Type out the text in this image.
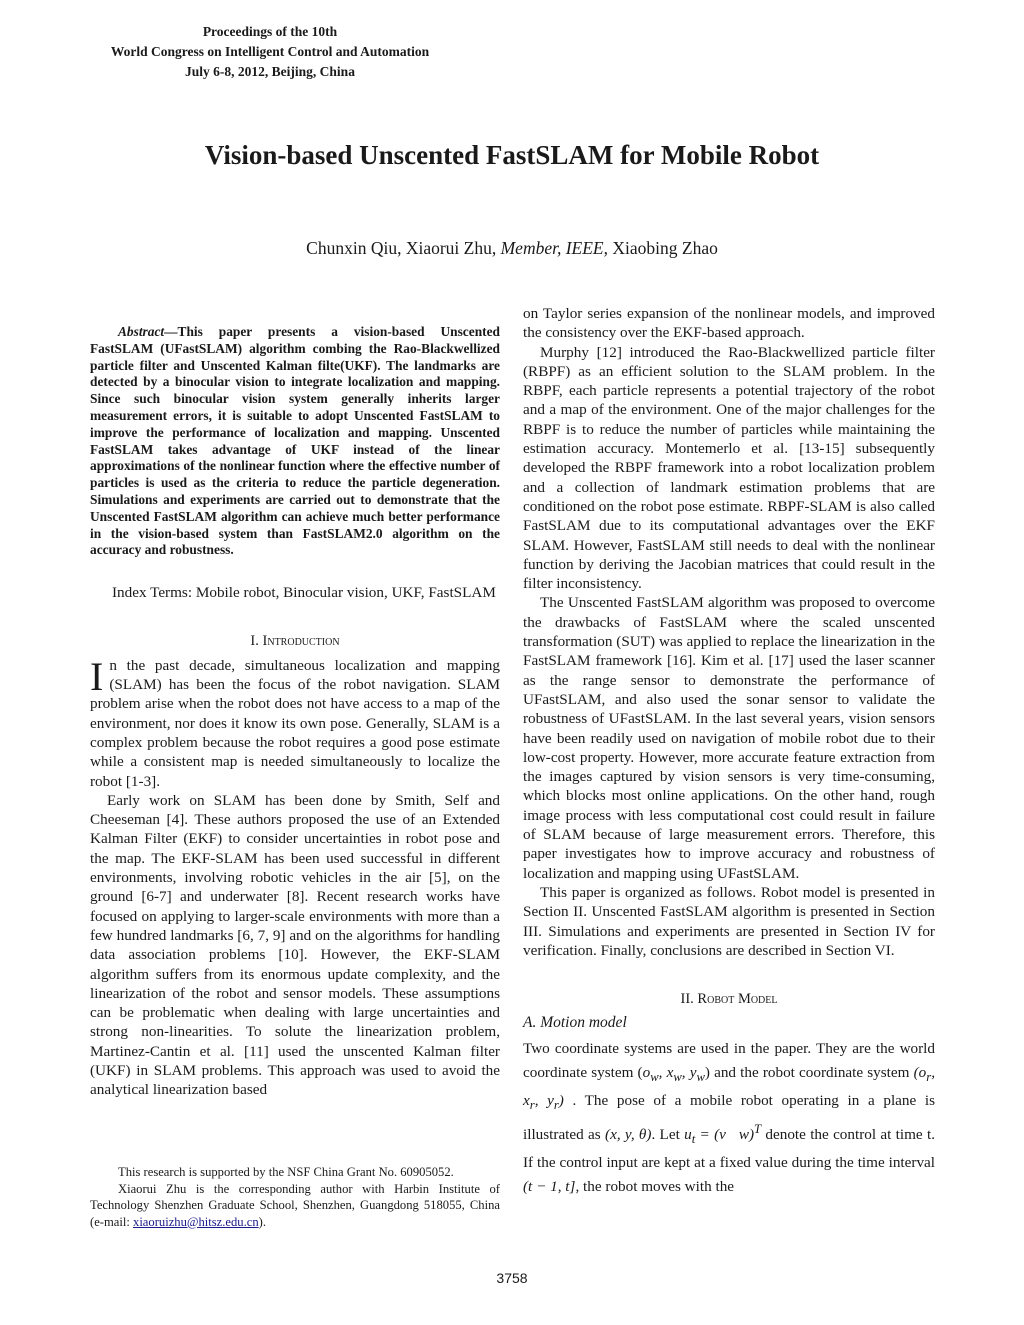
Proceedings of the 10th
World Congress on Intelligent Control and Automation
July 6-8, 2012, Beijing, China
Vision-based Unscented FastSLAM for Mobile Robot
Chunxin Qiu, Xiaorui Zhu, Member, IEEE, Xiaobing Zhao

Abstract—This paper presents a vision-based Unscented FastSLAM (UFastSLAM) algorithm combing the Rao-Blackwellized particle filter and Unscented Kalman filte(UKF). The landmarks are detected by a binocular vision to integrate localization and mapping. Since such binocular vision system generally inherits larger measurement errors, it is suitable to adopt Unscented FastSLAM to improve the performance of localization and mapping. Unscented FastSLAM takes advantage of UKF instead of the linear approximations of the nonlinear function where the effective number of particles is used as the criteria to reduce the particle degeneration. Simulations and experiments are carried out to demonstrate that the Unscented FastSLAM algorithm can achieve much better performance in the vision-based system than FastSLAM2.0 algorithm on the accuracy and robustness.

Index Terms: Mobile robot, Binocular vision, UKF, FastSLAM

I. Introduction

In the past decade, simultaneous localization and mapping (SLAM) has been the focus of the robot navigation. SLAM problem arise when the robot does not have access to a map of the environment, nor does it know its own pose. Generally, SLAM is a complex problem because the robot requires a good pose estimate while a consistent map is needed simultaneously to localize the robot [1-3].

Early work on SLAM has been done by Smith, Self and Cheeseman [4]. These authors proposed the use of an Extended Kalman Filter (EKF) to consider uncertainties in robot pose and the map. The EKF-SLAM has been used successful in different environments, involving robotic vehicles in the air [5], on the ground [6-7] and underwater [8]. Recent research works have focused on applying to larger-scale environments with more than a few hundred landmarks [6, 7, 9] and on the algorithms for handling data association problems [10]. However, the EKF-SLAM algorithm suffers from its enormous update complexity, and the linearization of the robot and sensor models. These assumptions can be problematic when dealing with large uncertainties and strong non-linearities. To solute the linearization problem, Martinez-Cantin et al. [11] used the unscented Kalman filter (UKF) in SLAM problems. This approach was used to avoid the analytical linearization based

on Taylor series expansion of the nonlinear models, and improved the consistency over the EKF-based approach.

Murphy [12] introduced the Rao-Blackwellized particle filter (RBPF) as an efficient solution to the SLAM problem. In the RBPF, each particle represents a potential trajectory of the robot and a map of the environment. One of the major challenges for the RBPF is to reduce the number of particles while maintaining the estimation accuracy. Montemerlo et al. [13-15] subsequently developed the RBPF framework into a robot localization problem and a collection of landmark estimation problems that are conditioned on the robot pose estimate. RBPF-SLAM is also called FastSLAM due to its computational advantages over the EKF SLAM. However, FastSLAM still needs to deal with the nonlinear function by deriving the Jacobian matrices that could result in the filter inconsistency.

The Unscented FastSLAM algorithm was proposed to overcome the drawbacks of FastSLAM where the scaled unscented transformation (SUT) was applied to replace the linearization in the FastSLAM framework [16]. Kim et al. [17] used the laser scanner as the range sensor to demonstrate the performance of UFastSLAM, and also used the sonar sensor to validate the robustness of UFastSLAM. In the last several years, vision sensors have been readily used on navigation of mobile robot due to their low-cost property. However, more accurate feature extraction from the images captured by vision sensors is very time-consuming, which blocks most online applications. On the other hand, rough image process with less computational cost could result in failure of SLAM because of large measurement errors. Therefore, this paper investigates how to improve accuracy and robustness of localization and mapping using UFastSLAM.

This paper is organized as follows. Robot model is presented in Section II. Unscented FastSLAM algorithm is presented in Section III. Simulations and experiments are presented in Section IV for verification. Finally, conclusions are described in Section VI.

II. Robot Model

A. Motion model

Two coordinate systems are used in the paper. They are the world coordinate system ($o_w$, $x_w$, $y_w$) and the robot coordinate system ($o_r$, $x_r$, $y_r$) . The pose of a mobile robot operating in a plane is illustrated as (x, y, θ). Let $u_t = (v$   w)$^T$ denote the control at time t. If the control input are kept at a fixed value during the time interval (t − 1, t], the robot moves with the

This research is supported by the NSF China Grant No. 60905052.

Xiaorui Zhu is the corresponding author with Harbin Institute of Technology Shenzhen Graduate School, Shenzhen, Guangdong 518055, China (e-mail: xiaoruizhu@hitsz.edu.cn).

3758
